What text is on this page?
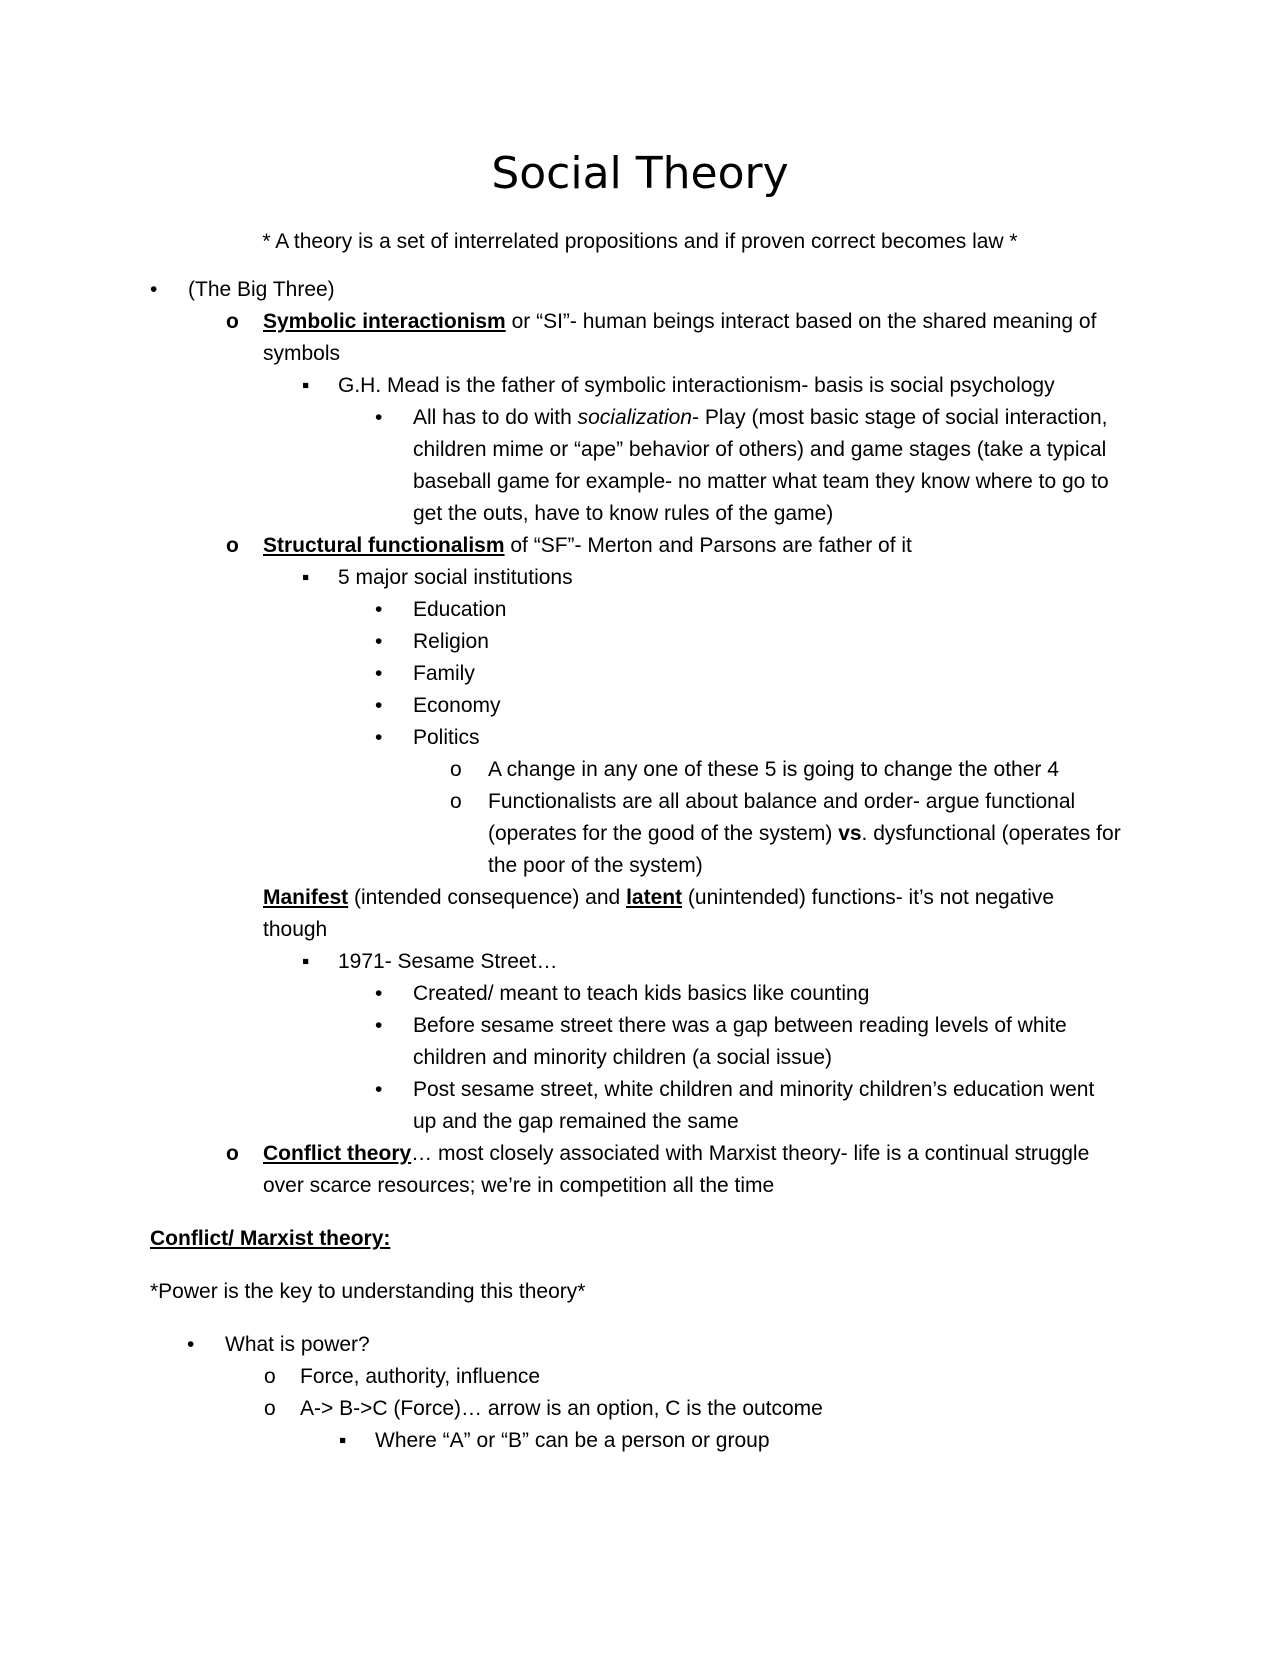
Social Theory
* A theory is a set of interrelated propositions and if proven correct becomes law *
• (The Big Three)
o Symbolic interactionism or “SI”- human beings interact based on the shared meaning of
symbols
▪ G.H. Mead is the father of symbolic interactionism- basis is social psychology
• All has to do with socialization- Play (most basic stage of social interaction,
children mime or “ape” behavior of others) and game stages (take a typical
baseball game for example- no matter what team they know where to go to
get the outs, have to know rules of the game)
o Structural functionalism of “SF”- Merton and Parsons are father of it
▪ 5 major social institutions
• Education
• Religion
• Family
• Economy
• Politics
o A change in any one of these 5 is going to change the other 4
o Functionalists are all about balance and order- argue functional
(operates for the good of the system) vs. dysfunctional (operates for
the poor of the system)
Manifest (intended consequence) and latent (unintended) functions- it’s not negative
though
▪ 1971- Sesame Street…
• Created/ meant to teach kids basics like counting
• Before sesame street there was a gap between reading levels of white
children and minority children (a social issue)
• Post sesame street, white children and minority children’s education went
up and the gap remained the same
o Conflict theory… most closely associated with Marxist theory- life is a continual struggle
over scarce resources; we’re in competition all the time
Conflict/ Marxist theory:
*Power is the key to understanding this theory*
• What is power?
o Force, authority, influence
o A-> B->C (Force)… arrow is an option, C is the outcome
▪ Where “A” or “B” can be a person or group
